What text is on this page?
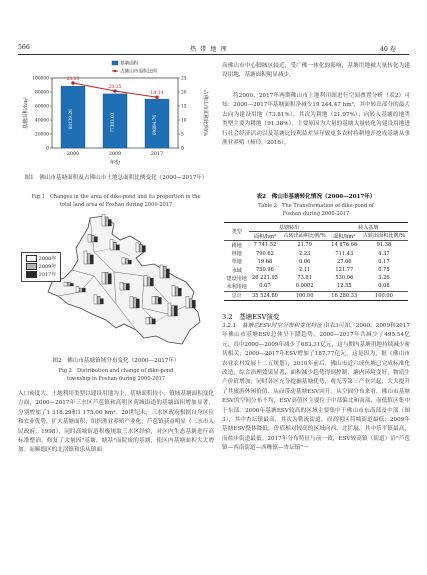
566	热 带 地 理	40 卷
100000
80000
60000
40000
20000
0
25
20
15
10
5
0
88139.26	77303.03	69894.76
23.21
20.35
18.14
2000	2009	2017
年份
基塘面积/hm²	占佛山市面积比例/%
基塘面积
占佛山市面积比例

图1　佛山市基塘面积及占佛山市土地总面积比例变化（2000—2017年）

Fig.1　Changes in the area of dike-pond and its proportion in the

total land area of Foshan during 2000-2017

2000年
2009年
2017年

图2　佛山市基塘镇域分布变化（2000—2017年）

Fig.2　Distribution and change of dike-pond

township in Foshan during 2000-2017

入口密度大，土地利用类型以建设用地为主，基塘面积较小；镇域基塘面积变化方面，2000—2017年三水区芦苞镇和高明区荷城街道的基塘面积增加显著，分别增加了1 318.29和1 175.06 hm²。20世纪末，三水区政府根据自身区位和农业优势，扩大基塘面积，组织渔业养殖产业化，芦苞镇获益明显（三水市人民政府，1998），同时高城街道积极规取三水区经验，对区内生态基塘进行高标准整治，修复了大量因"基塘、塘基"而院废的基塘，使区内基塘面积大大增加。而顺德区的北滘镇和乐从镇面

高佛山市中心脚城区较近，受广佛一体化的影响，基塘用地被大量转化为建设用地，基塘面积明显减少。

将2000、2017年两期佛山市土地利用图进行空间叠置分析（表2）可知：2000—2017年基塘面积净减少19 244.47 hm²，其中转出部分的最大去向为建设用地（73.81%）。其次为耕地（21.97%）；向转入基塘的地类类型主要为耕地（91.38%）。主要原因为大量的基塘大量转化为建设用地进行社会经济活动以及基塘比较利益差异导致更多农村将耕地开挖成基塘从事渔业养殖（杨玲，2016）。

表2　佛山市基塘转化情况（2000—2017年）

Table 2　The Transformation of dike-pond of

Foshan during 2000-2017

类型	基塘转出		转入基塘	
	面积/hm²	占转出面积比例/%	面积/hm²	占转出面积比例/%
耕地	7 741.52	21.79	14 876.66	91.38
林地	790.62	2.23	711.43	4.37
草地	19.68	0.06	27.66	0.17
水域	750.96	2.11	121.77	0.75
建设用地	26 221.95	73.81	530.06	3.26
未利用地	0.07	0.0002	12.55	0.08
总计	35 524.80	100.00	16 280.33	100.00
3.2　基塘ESV演变

3.2.1　基塘总ESV时空分布和变化特征 由表3可知，2000、2009和2017年佛山市基塘ESV总体呈下降趋势，2000—2017年共减少了495.54亿元，其中2000—2009年减少了683.31亿元，这与期内基塘用地持续减少密切相关；2009—2017年ESV增加了187.77亿元，这是因为，据《佛山市农业农村发展十二五规划》，2010年前后，佛山市近六成鱼塘已完成标准化改造，综合治理效果显著，面积减少趋势得到控制，塘内环境变好，物质生产价值增加；同时各区充分挖掘基塘优势，观光等第三产业兴起，大大提升了其旅游休闲价值，从而带动基塘ESV回升。从空间分布来看，佛山市基塘ESV的空间分布不均，ESV高值区主要位于中部偏北和南部，而低值区集中于东部。2000年基塘ESV较高的区域主要集中于佛山市东南部及中部（图3），其中杏坛镇最高，其次为勒流街道，而高明区荷城街道最低；2009年基塘ESV整体降低，价值相对较高的区域向西、北扩展，其中乐平镇最高，而盐步街道最低。2017年分布特征与前一致，ESV较高镇（街道）沿"芦苞镇—西南街道—西樵镇—杏坛镇"一
